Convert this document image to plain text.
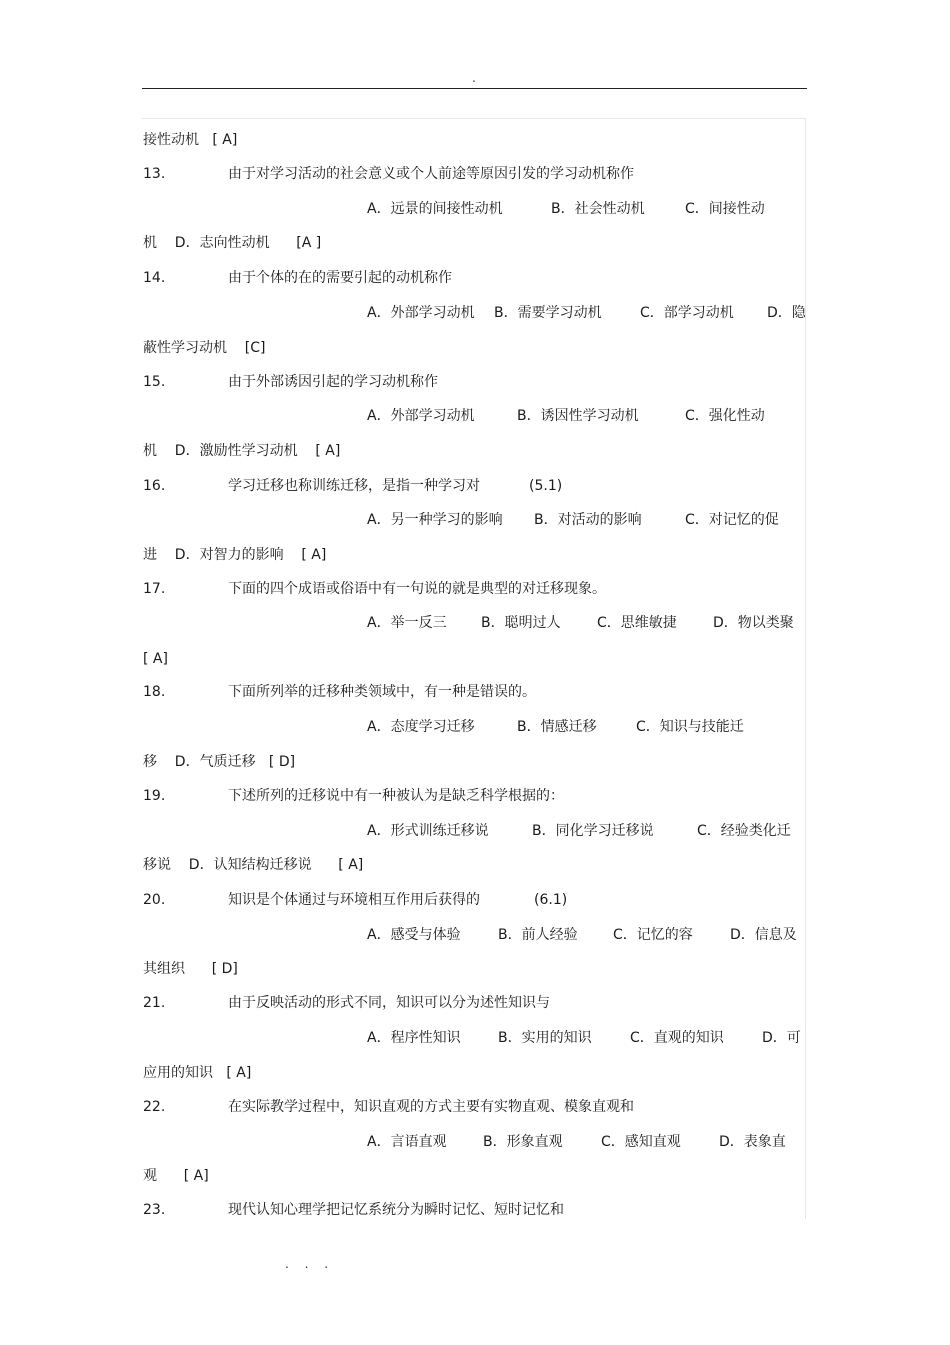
.
接性动机   [ A]
13.	由于对学习活动的社会意义或个人前途等原因引发的学习动机称作
A．远景的间接性动机	B．社会性动机	C．间接性动
机    D．志向性动机      [A ]
14.	由于个体的在的需要引起的动机称作
A．外部学习动机 B．需要学习动机	C．部学习动机 D．隐
蔽性学习动机    [C]
15.	由于外部诱因引起的学习动机称作
A．外部学习动机	B．诱因性学习动机	C．强化性动
机    D．激励性学习动机    [ A]
16.	学习迁移也称训练迁移，是指一种学习对	(5.1)
A．另一种学习的影响 B．对活动的影响	C．对记忆的促
进    D．对智力的影响    [ A]
17.	下面的四个成语或俗语中有一句说的就是典型的对迁移现象。
A．举一反三 B．聪明过人	C．思维敏捷	D．物以类聚
[ A]
18.	下面所列举的迁移种类领域中，有一种是错误的。
A．态度学习迁移	B．情感迁移	C．知识与技能迁
移    D．气质迁移   [ D]
19.	下述所列的迁移说中有一种被认为是缺乏科学根据的：
A．形式训练迁移说	B．同化学习迁移说	C．经验类化迁
移说    D．认知结构迁移说      [ A]
20.	知识是个体通过与环境相互作用后获得的	(6.1)
A．感受与体验	B．前人经验	C．记忆的容	D．信息及
其组织      [ D]
21.	由于反映活动的形式不同，知识可以分为述性知识与
A．程序性知识	B．实用的知识	C．直观的知识	D．可
应用的知识   [ A]
22.	在实际教学过程中，知识直观的方式主要有实物直观、模象直观和
A．言语直观	B．形象直观	C．感知直观	D．表象直
观      [ A]
23.	现代认知心理学把记忆系统分为瞬时记忆、短时记忆和
. . .
